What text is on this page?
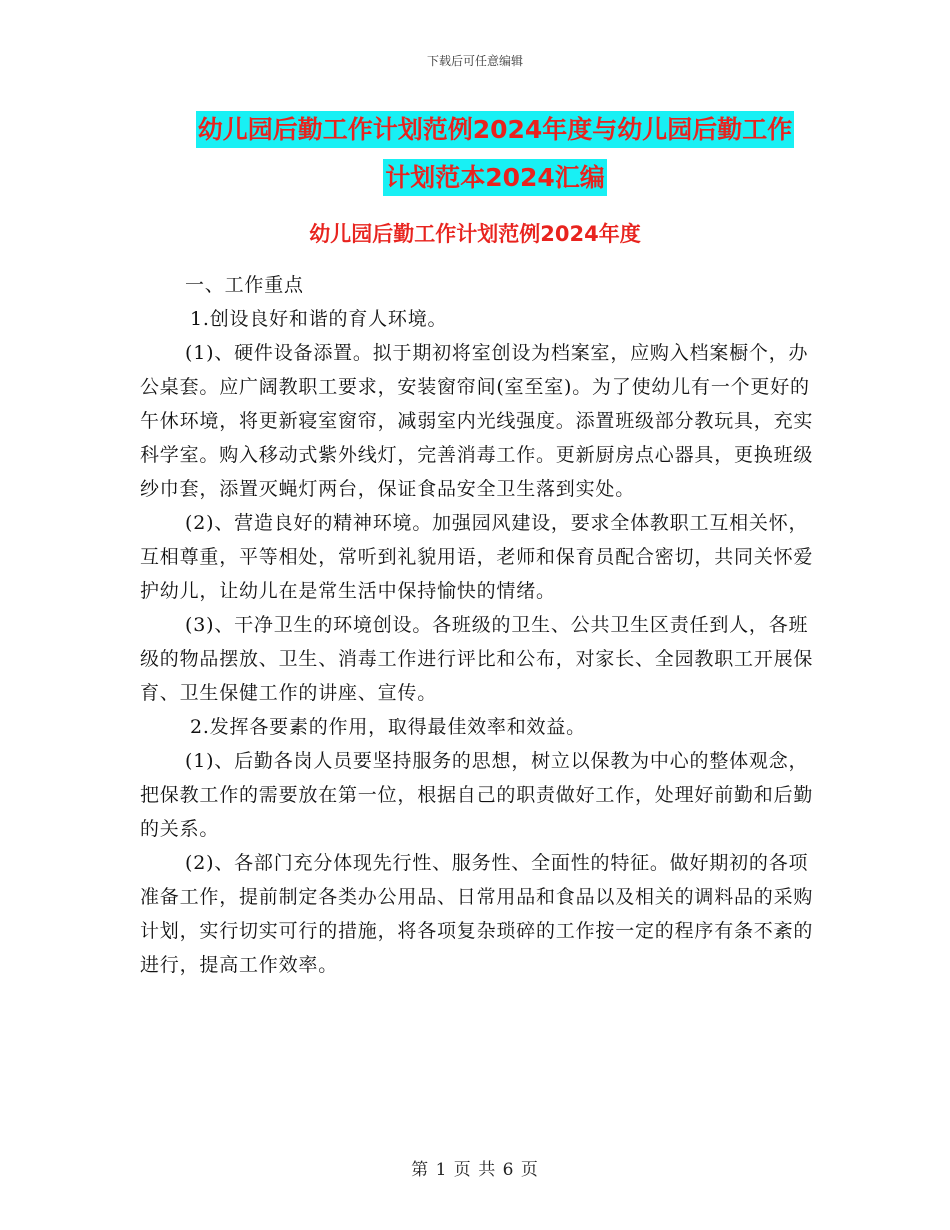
下载后可任意编辑
幼儿园后勤工作计划范例2024年度与幼儿园后勤工作
计划范本2024汇编
幼儿园后勤工作计划范例2024年度

一、工作重点

1.创设良好和谐的育人环境。

(1)、硬件设备添置。拟于期初将室创设为档案室，应购入档案橱个，办公桌套。应广阔教职工要求，安装窗帘间(室至室)。为了使幼儿有一个更好的午休环境，将更新寝室窗帘，减弱室内光线强度。添置班级部分教玩具，充实科学室。购入移动式紫外线灯，完善消毒工作。更新厨房点心器具，更换班级纱巾套，添置灭蝇灯两台，保证食品安全卫生落到实处。

(2)、营造良好的精神环境。加强园风建设，要求全体教职工互相关怀，互相尊重，平等相处，常听到礼貌用语，老师和保育员配合密切，共同关怀爱护幼儿，让幼儿在是常生活中保持愉快的情绪。

(3)、干净卫生的环境创设。各班级的卫生、公共卫生区责任到人，各班级的物品摆放、卫生、消毒工作进行评比和公布，对家长、全园教职工开展保育、卫生保健工作的讲座、宣传。

2.发挥各要素的作用，取得最佳效率和效益。

(1)、后勤各岗人员要坚持服务的思想，树立以保教为中心的整体观念，把保教工作的需要放在第一位，根据自己的职责做好工作，处理好前勤和后勤的关系。

(2)、各部门充分体现先行性、服务性、全面性的特征。做好期初的各项准备工作，提前制定各类办公用品、日常用品和食品以及相关的调料品的采购计划，实行切实可行的措施，将各项复杂琐碎的工作按一定的程序有条不紊的进行，提高工作效率。

第 1 页 共 6 页
